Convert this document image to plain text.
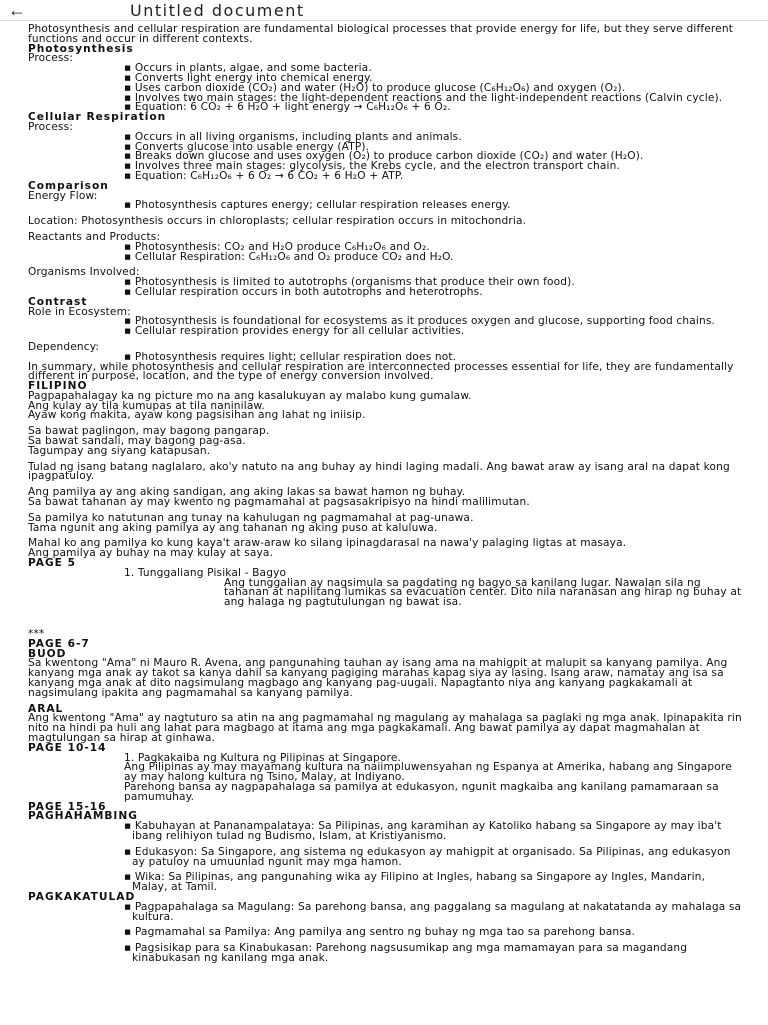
←	Untitled document

Photosynthesis and cellular respiration are fundamental biological processes that provide energy for life, but they serve different functions and occur in different contexts.

Photosynthesis

Process:

▪ Occurs in plants, algae, and some bacteria.

▪ Converts light energy into chemical energy.

▪ Uses carbon dioxide (CO₂) and water (H₂O) to produce glucose (C₆H₁₂O₆) and oxygen (O₂).

▪ Involves two main stages: the light-dependent reactions and the light-independent reactions (Calvin cycle).

▪ Equation: 6 CO₂ + 6 H₂O + light energy → C₆H₁₂O₆ + 6 O₂.

Cellular Respiration

Process:

▪ Occurs in all living organisms, including plants and animals.

▪ Converts glucose into usable energy (ATP).

▪ Breaks down glucose and uses oxygen (O₂) to produce carbon dioxide (CO₂) and water (H₂O).

▪ Involves three main stages: glycolysis, the Krebs cycle, and the electron transport chain.

▪ Equation: C₆H₁₂O₆ + 6 O₂ → 6 CO₂ + 6 H₂O + ATP.

Comparison

Energy Flow:

▪ Photosynthesis captures energy; cellular respiration releases energy.

Location: Photosynthesis occurs in chloroplasts; cellular respiration occurs in mitochondria.

Reactants and Products:

▪ Photosynthesis: CO₂ and H₂O produce C₆H₁₂O₆ and O₂.

▪ Cellular Respiration: C₆H₁₂O₆ and O₂ produce CO₂ and H₂O.

Organisms Involved:

▪ Photosynthesis is limited to autotrophs (organisms that produce their own food).

▪ Cellular respiration occurs in both autotrophs and heterotrophs.

Contrast

Role in Ecosystem:

▪ Photosynthesis is foundational for ecosystems as it produces oxygen and glucose, supporting food chains.

▪ Cellular respiration provides energy for all cellular activities.

Dependency:

▪ Photosynthesis requires light; cellular respiration does not.

In summary, while photosynthesis and cellular respiration are interconnected processes essential for life, they are fundamentally different in purpose, location, and the type of energy conversion involved.

FILIPINO

Pagpapahalagay ka ng picture mo na ang kasalukuyan ay malabo kung gumalaw.

Ang kulay ay tila kumupas at tila naninilaw.

Ayaw kong makita, ayaw kong pagsisihan ang lahat ng iniisip.

Sa bawat paglingon, may bagong pangarap.

Sa bawat sandali, may bagong pag-asa.

Tagumpay ang siyang katapusan.

Tulad ng isang batang naglalaro, ako'y natuto na ang buhay ay hindi laging madali. Ang bawat araw ay isang aral na dapat kong ipagpatuloy.

Ang pamilya ay ang aking sandigan, ang aking lakas sa bawat hamon ng buhay.

Sa bawat tahanan ay may kwento ng pagmamahal at pagsasakripisyo na hindi malilimutan.

Sa pamilya ko natutunan ang tunay na kahulugan ng pagmamahal at pag-unawa.

Tama ngunit ang aking pamilya ay ang tahanan ng aking puso at kaluluwa.

Mahal ko ang pamilya ko kung kaya't araw-araw ko silang ipinagdarasal na nawa'y palaging ligtas at masaya.

Ang pamilya ay buhay na may kulay at saya.

PAGE 5

1. Tunggaliang Pisikal - Bagyo
Ang tunggalian ay nagsimula sa pagdating ng bagyo sa kanilang lugar. Nawalan sila ng tahanan at napilitang lumikas sa evacuation center. Dito nila naranasan ang hirap ng buhay at ang halaga ng pagtutulungan ng bawat isa.

***

PAGE 6-7

BUOD

Sa kwentong "Ama" ni Mauro R. Avena, ang pangunahing tauhan ay isang ama na mahigpit at malupit sa kanyang pamilya. Ang kanyang mga anak ay takot sa kanya dahil sa kanyang pagiging marahas kapag siya ay lasing. Isang araw, namatay ang isa sa kanyang mga anak at dito nagsimulang magbago ang kanyang pag-uugali. Napagtanto niya ang kanyang pagkakamali at nagsimulang ipakita ang pagmamahal sa kanyang pamilya.

ARAL

Ang kwentong "Ama" ay nagtuturo sa atin na ang pagmamahal ng magulang ay mahalaga sa paglaki ng mga anak. Ipinapakita rin nito na hindi pa huli ang lahat para magbago at itama ang mga pagkakamali. Ang bawat pamilya ay dapat magmahalan at magtulungan sa hirap at ginhawa.

PAGE 10-14

1. Pagkakaiba ng Kultura ng Pilipinas at Singapore.
Ang Pilipinas ay may mayamang kultura na naiimpluwensyahan ng Espanya at Amerika, habang ang Singapore ay may halong kultura ng Tsino, Malay, at Indiyano.
Parehong bansa ay nagpapahalaga sa pamilya at edukasyon, ngunit magkaiba ang kanilang pamamaraan sa pamumuhay.

PAGE 15-16

PAGHAHAMBING

▪ Kabuhayan at Pananampalataya: Sa Pilipinas, ang karamihan ay Katoliko habang sa Singapore ay may iba't ibang relihiyon tulad ng Budismo, Islam, at Kristiyanismo.

▪ Edukasyon: Sa Singapore, ang sistema ng edukasyon ay mahigpit at organisado. Sa Pilipinas, ang edukasyon ay patuloy na umuunlad ngunit may mga hamon.

▪ Wika: Sa Pilipinas, ang pangunahing wika ay Filipino at Ingles, habang sa Singapore ay Ingles, Mandarin, Malay, at Tamil.

PAGKAKATULAD

▪ Pagpapahalaga sa Magulang: Sa parehong bansa, ang paggalang sa magulang at nakatatanda ay mahalaga sa kultura.

▪ Pagmamahal sa Pamilya: Ang pamilya ang sentro ng buhay ng mga tao sa parehong bansa.

▪ Pagsisikap para sa Kinabukasan: Parehong nagsusumikap ang mga mamamayan para sa magandang kinabukasan ng kanilang mga anak.
